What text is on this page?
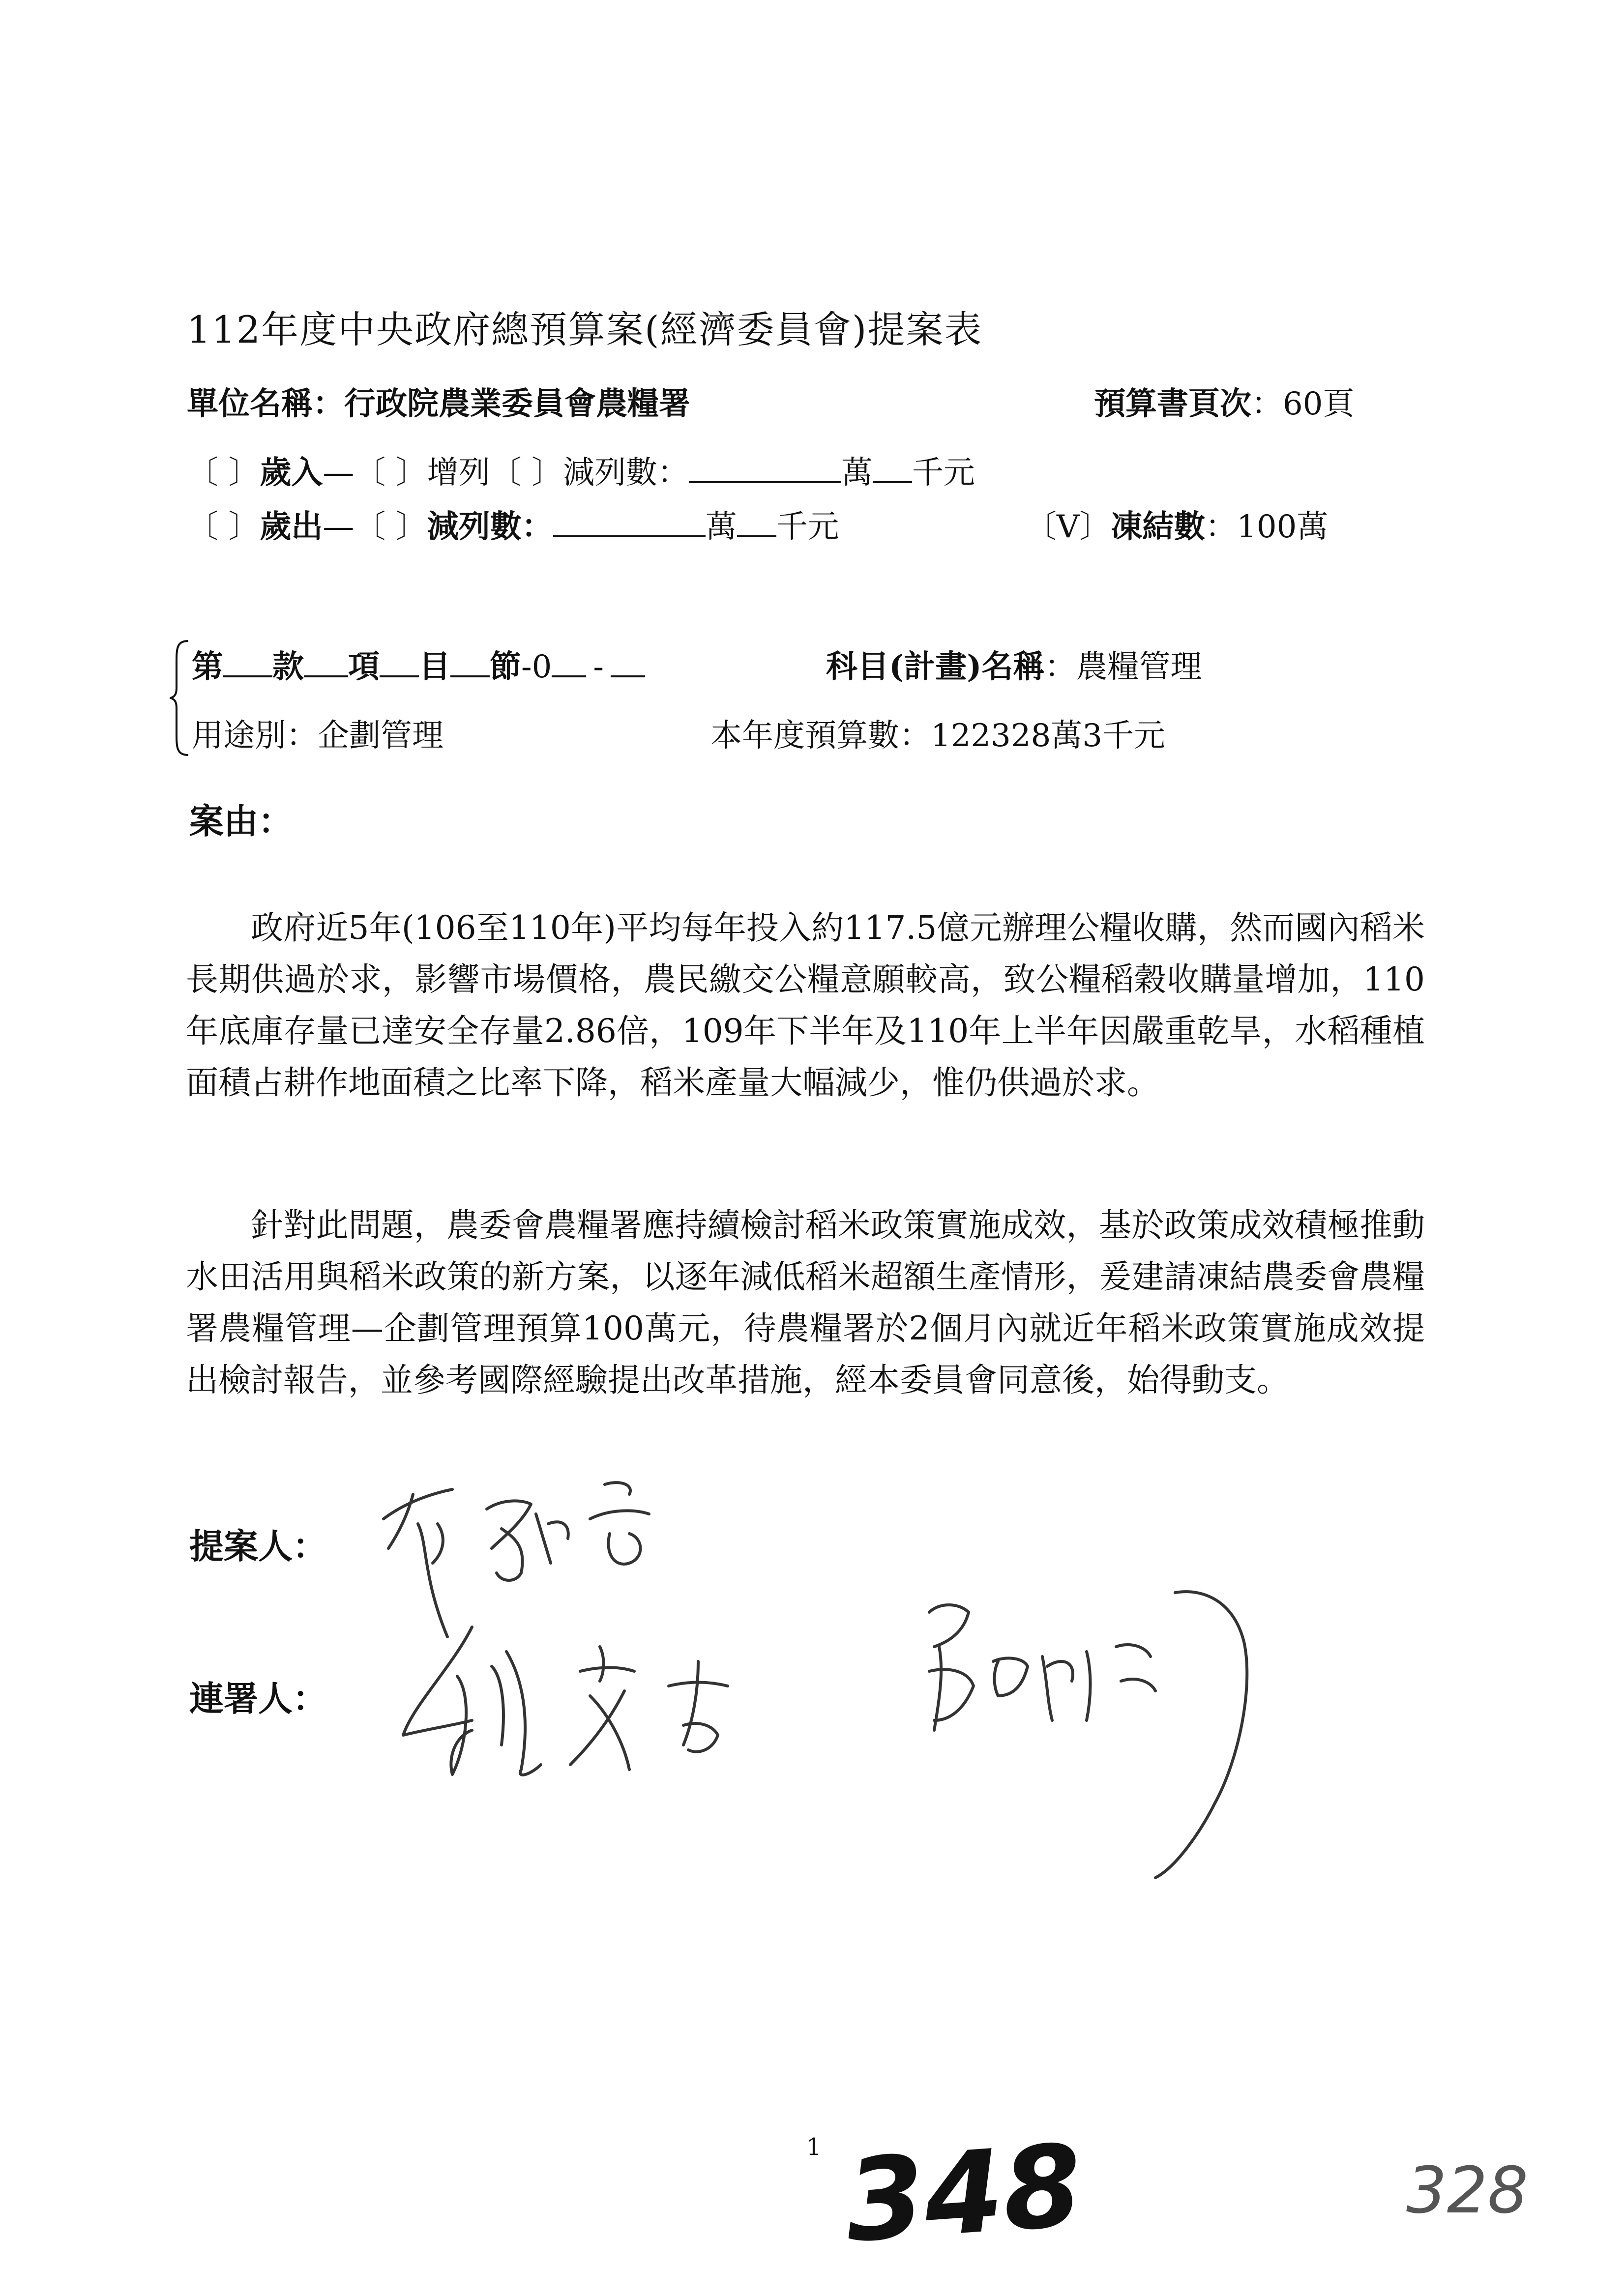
112年度中央政府總預算案(經濟委員會)提案表
單位名稱：行政院農業委員會農糧署	預算書頁次：60頁
〔 〕歲入—〔 〕增列〔 〕減列數：	萬 千元
〔 〕歲出—〔 〕減列數：	萬 千元	〔V〕凍結數：100萬
第 款 項 目 節-0 -	科目(計畫)名稱：農糧管理
用途別：企劃管理	本年度預算數：122328萬3千元
案由：
政府近5年(106至110年)平均每年投入約117.5億元辦理公糧收購，然而國內稻米長期供過於求，影響市場價格，農民繳交公糧意願較高，致公糧稻穀收購量增加，110年底庫存量已達安全存量2.86倍，109年下半年及110年上半年因嚴重乾旱，水稻種植面積占耕作地面積之比率下降，稻米產量大幅減少，惟仍供過於求。
針對此問題，農委會農糧署應持續檢討稻米政策實施成效，基於政策成效積極推動水田活用與稻米政策的新方案，以逐年減低稻米超額生產情形，爰建請凍結農委會農糧署農糧管理—企劃管理預算100萬元，待農糧署於2個月內就近年稻米政策實施成效提出檢討報告，並參考國際經驗提出改革措施，經本委員會同意後，始得動支。
提案人：
連署人：
1 348	328
